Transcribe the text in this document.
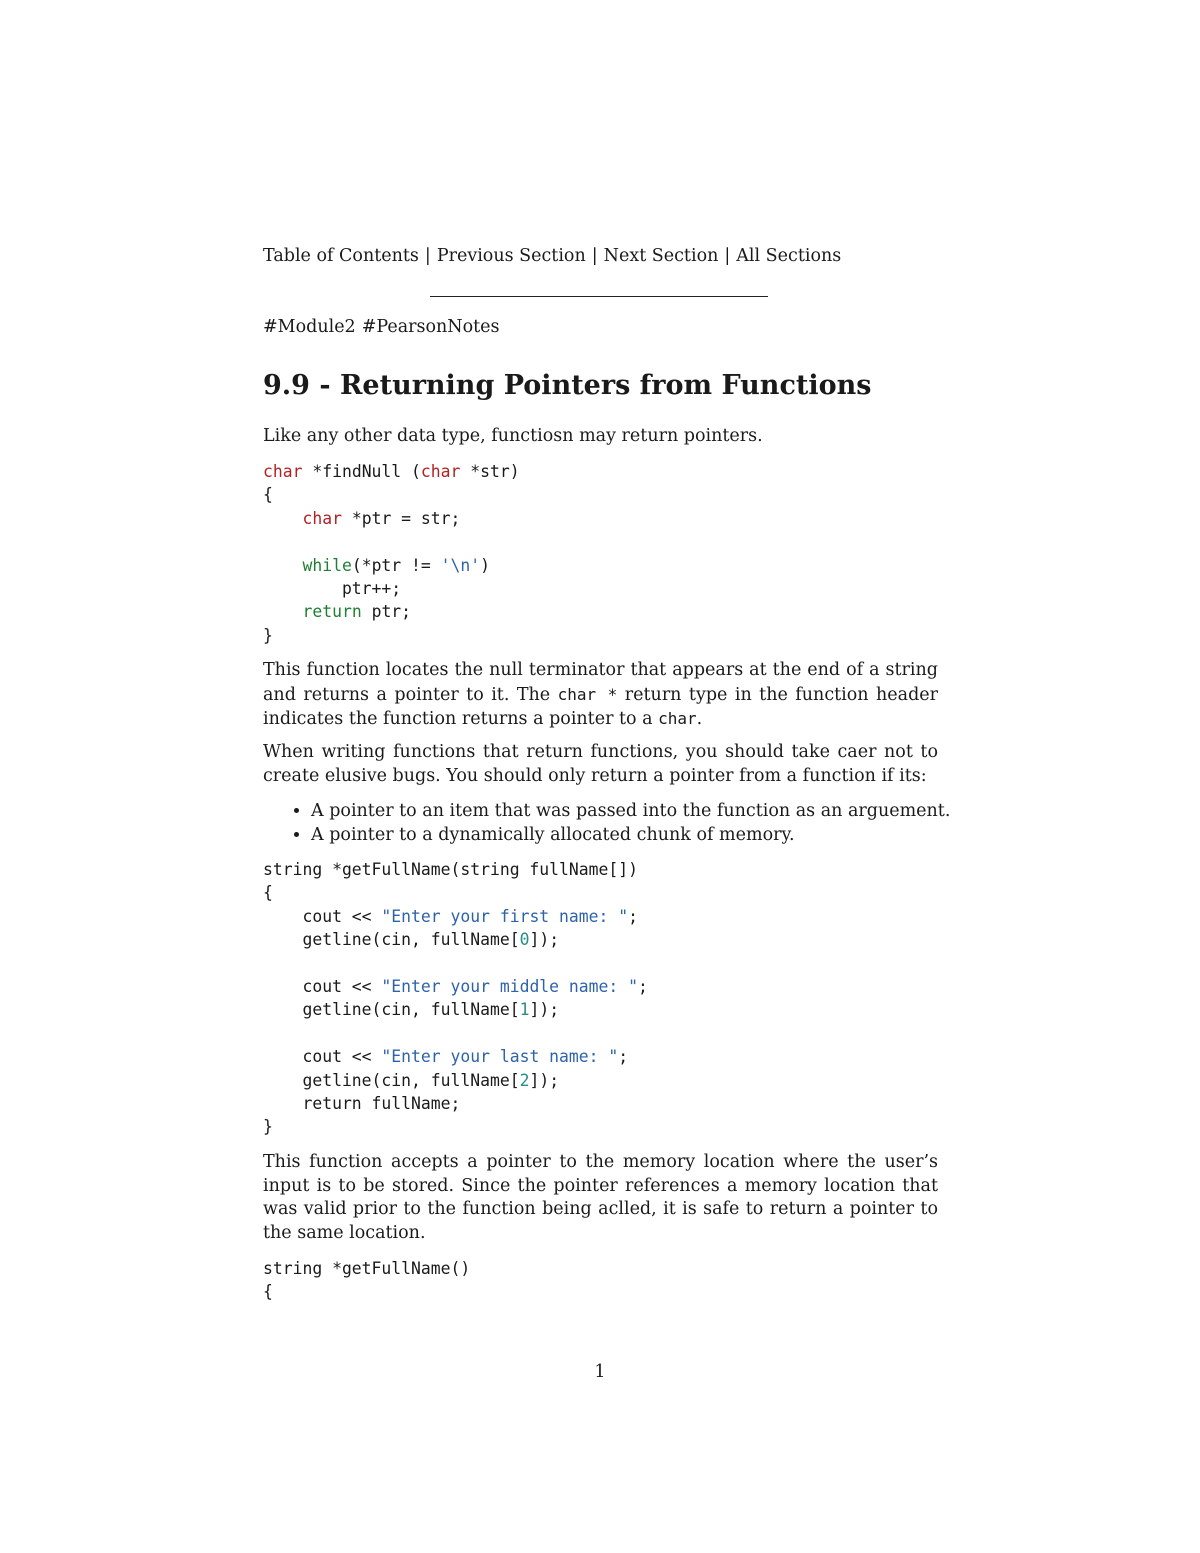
Table of Contents | Previous Section | Next Section | All Sections
#Module2 #PearsonNotes
9.9 - Returning Pointers from Functions

Like any other data type, functiosn may return pointers.

char *findNull (char *str)
{
char *ptr = str;

while(*ptr != '\n')
ptr++;
return ptr;
}

This function locates the null terminator that appears at the end of a string and returns a pointer to it. The char * return type in the function header indicates the function returns a pointer to a char.

When writing functions that return functions, you should take caer not to create elusive bugs. You should only return a pointer from a function if its:

• A pointer to an item that was passed into the function as an arguement.
• A pointer to a dynamically allocated chunk of memory.
string *getFullName(string fullName[])
{
cout << "Enter your first name: ";
getline(cin, fullName[0]);

cout << "Enter your middle name: ";
getline(cin, fullName[1]);

cout << "Enter your last name: ";
getline(cin, fullName[2]);
return fullName;
}

This function accepts a pointer to the memory location where the user’s input is to be stored. Since the pointer references a memory location that was valid prior to the function being aclled, it is safe to return a pointer to the same location.

string *getFullName()
{
1
